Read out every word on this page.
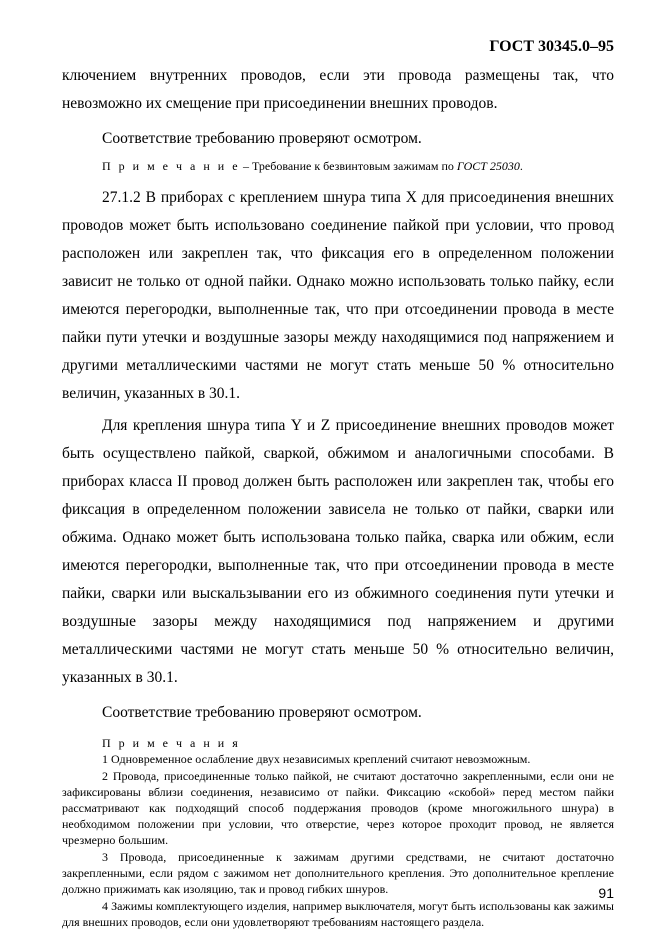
ГОСТ 30345.0–95

ключением внутренних проводов, если эти провода размещены так, что невозможно их смещение при присоединении внешних проводов.

Соответствие требованию проверяют осмотром.

П р и м е ч а н и е – Требование к безвинтовым зажимам по ГОСТ 25030.

27.1.2 В приборах с креплением шнура типа X для присоединения внешних проводов может быть использовано соединение пайкой при условии, что провод расположен или закреплен так, что фиксация его в определенном положении зависит не только от одной пайки. Однако можно использовать только пайку, если имеются перегородки, выполненные так, что при отсоединении провода в месте пайки пути утечки и воздушные зазоры между находящимися под напряжением и другими металлическими частями не могут стать меньше 50 % относительно величин, указанных в 30.1.

Для крепления шнура типа Y и Z присоединение внешних проводов может быть осуществлено пайкой, сваркой, обжимом и аналогичными способами. В приборах класса II провод должен быть расположен или закреплен так, чтобы его фиксация в определенном положении зависела не только от пайки, сварки или обжима. Однако может быть использована только пайка, сварка или обжим, если имеются перегородки, выполненные так, что при отсоединении провода в месте пайки, сварки или выскальзывании его из обжимного соединения пути утечки и воздушные зазоры между находящимися под напряжением и другими металлическими частями не могут стать меньше 50 % относительно величин, указанных в 30.1.

Соответствие требованию проверяют осмотром.

П р и м е ч а н и я

1 Одновременное ослабление двух независимых креплений считают невозможным.

2 Провода, присоединенные только пайкой, не считают достаточно закрепленными, если они не зафиксированы вблизи соединения, независимо от пайки. Фиксацию «скобой» перед местом пайки рассматривают как подходящий способ поддержания проводов (кроме многожильного шнура) в необходимом положении при условии, что отверстие, через которое проходит провод, не является чрезмерно большим.

3 Провода, присоединенные к зажимам другими средствами, не считают достаточно закрепленными, если рядом с зажимом нет дополнительного крепления. Это дополнительное крепление должно прижимать как изоляцию, так и провод гибких шнуров.

4 Зажимы комплектующего изделия, например выключателя, могут быть использованы как зажимы для внешних проводов, если они удовлетворяют требованиям настоящего раздела.

91
